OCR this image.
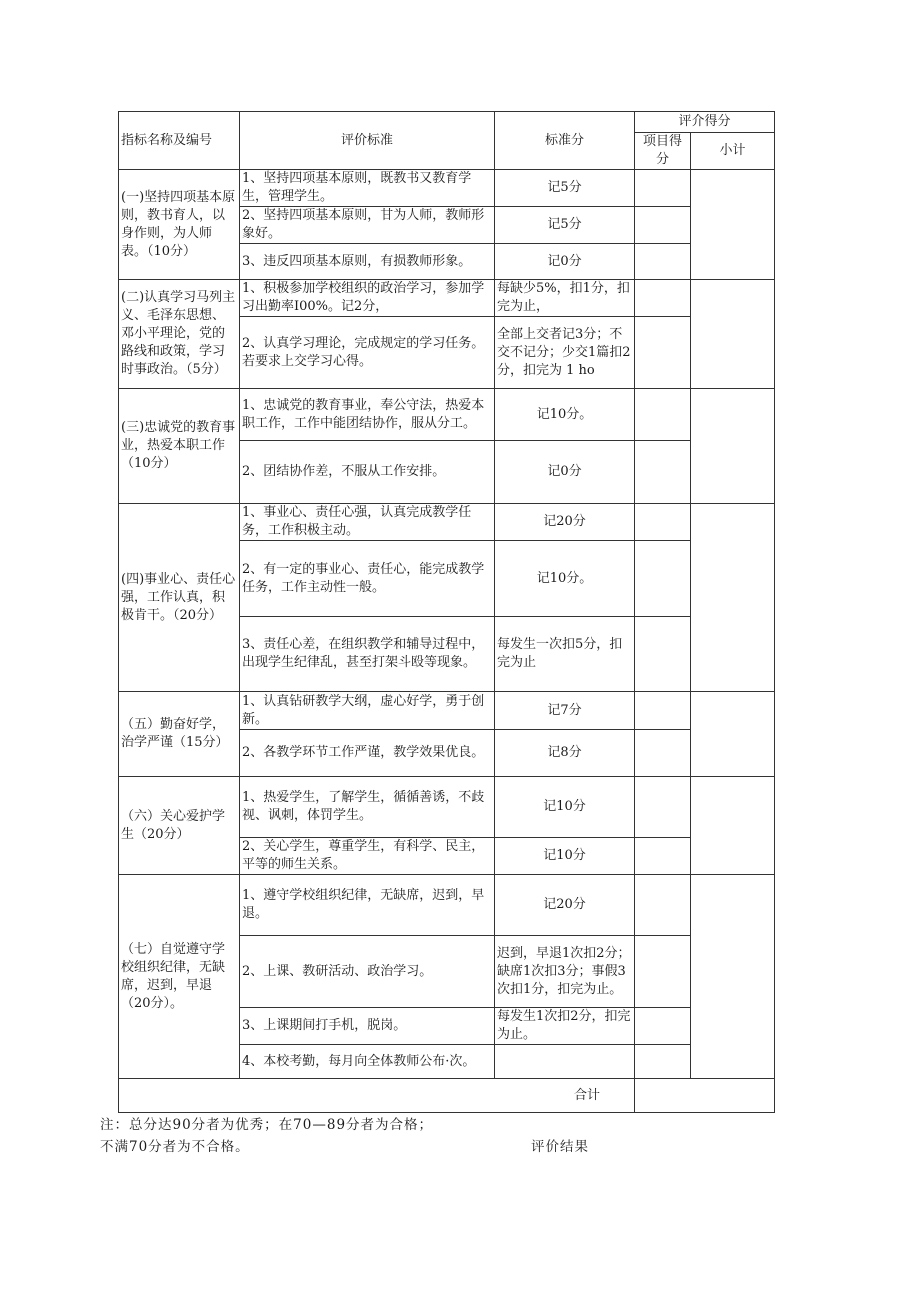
指标名称及编号	评价标准	标准分	评介得分	
			项目得分	小计
(一)坚持四项基本原则，教书育人，以身作则，为人师表。（10分）	1、坚持四项基本原则，既教书又教育学生，管理学生。	记5分		
	2、坚持四项基本原则，甘为人师，教师形象好。	记5分		
	3、违反四项基本原则，有损教师形象。	记0分		
(二)认真学习马列主义、毛泽东思想、邓小平理论，党的路线和政策，学习时事政治。（5分）	1、积极参加学校组织的政治学习，参加学习出勤率I00%。记2分，	每缺少5%，扣1分，扣完为止，		
	2、认真学习理论，完成规定的学习任务。若要求上交学习心得。	全部上交者记3分；不交不记分；少交1篇扣2分，扣完为 1 ho		
(三)忠诚党的教育事业，热爱本职工作（10分）	1、忠诚党的教育事业，奉公守法，热爱本职工作，工作中能团结协作，服从分工。	记10分。		
	2、团结协作差，不服从工作安排。	记0分		
(四)事业心、责任心强，工作认真，积极肯干。（20分）	1、事业心、责任心强，认真完成教学任务，工作积极主动。	记20分		
	2、有一定的事业心、责任心，能完成教学任务，工作主动性一般。	记10分。		
	3、责任心差，在组织教学和辅导过程中，出现学生纪律乱，甚至打架斗殴等现象。	每发生一次扣5分，扣完为止		
（五）勤奋好学，治学严谨（15分）	1、认真钻研教学大纲，虚心好学，勇于创新。	记7分		
	2、各教学环节工作严谨，教学效果优良。	记8分		
（六）关心爱护学生（20分）	1、热爱学生，了解学生，循循善诱，不歧视、讽刺，体罚学生。	记10分		
	2、关心学生，尊重学生，有科学、民主，平等的师生关系。	记10分		
（七）自觉遵守学校组织纪律，无缺席，迟到，早退（20分）。	1、遵守学校组织纪律，无缺席，迟到，早退。	记20分		
	2、上课、教研活动、政治学习。	迟到，早退1次扣2分；缺席1次扣3分；事假3次扣1分，扣完为止。		
	3、上课期间打手机，脱岗。	每发生1次扣2分，扣完为止。		
	4、本校考勤，每月向全体教师公布·次。			
合计				
注：总分达90分者为优秀；在70—89分者为合格；
不满70分者为不合格。	评价结果
